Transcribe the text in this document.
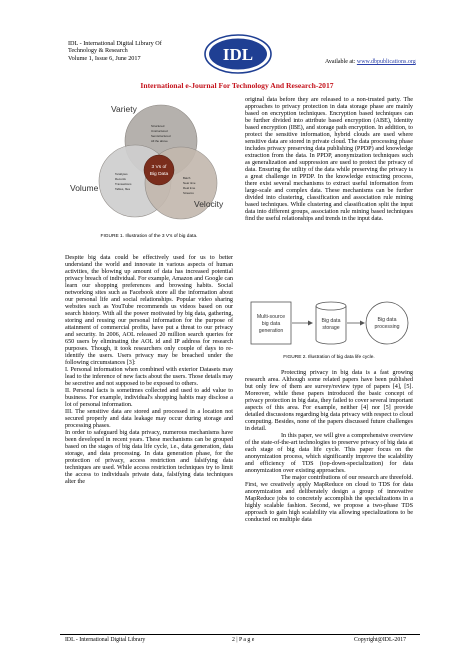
IDL - International Digital Library Of
Technology & Research
Volume 1, Issue 6, June 2017	IDL	Available at: www.dbpublications.org
International e-Journal For Technology And Research-2017
3 Vs of
Big Data
Variety
Volume
Velocity
Structured
Unstructured
Semistructured
All the above
Terabytes
Records
Transactions
Tables, files
Batch
Near time
Real time
Streams
FIGURE 1. Illustration of the 3 V's of big data.

Despite big data could be effectively used for us to better understand the world and innovate in various aspects of human activities, the blowing up amount of data has increased potential privacy breach of individual. For example, Amazon and Google can learn our shopping preferences and browsing habits. Social networking sites such as Facebook store all the information about our personal life and social relationships. Popular video sharing websites such as YouTube recommends us videos based on our search history. With all the power motivated by big data, gathering, storing and reusing our personal information for the purpose of attainment of commercial profits, have put a threat to our privacy and security. In 2006, AOL released 20 million search queries for 650 users by eliminating the AOL id and IP address for research purposes. Though, it took researchers only couple of days to re-identify the users. Users privacy may be breached under the following circumstances [3]:

I. Personal information when combined with exterior Datasets may lead to the inference of new facts about the users. Those details may be secretive and not supposed to be exposed to others.

II. Personal facts is sometimes collected and used to add value to business. For example, individual's shopping habits may disclose a lot of personal information.

III. The sensitive data are stored and processed in a location not secured properly and data leakage may occur during storage and processing phases.

In order to safeguard big data privacy, numerous mechanisms have been developed in recent years. These mechanisms can be grouped based on the stages of big data life cycle, i.e., data generation, data storage, and data processing. In data generation phase, for the protection of privacy, access restriction and falsifying data techniques are used. While access restriction techniques try to limit the access to individuals private data, falsifying data techniques alter the

original data before they are released to a non-trusted party. The approaches to privacy protection in data storage phase are mainly based on encryption techniques. Encryption based techniques can be further divided into attribute based encryption (ABE), Identity based encryption (IBE), and storage path encryption. In addition, to protect the sensitive information, hybrid clouds are used where sensitive data are stored in private cloud. The data processing phase includes privacy preserving data publishing (PPDP) and knowledge extraction from the data. In PPDP, anonymization techniques such as generalization and suppression are used to protect the privacy of data. Ensuring the utility of the data while preserving the privacy is a great challenge in PPDP. In the knowledge extracting process, there exist several mechanisms to extract useful information from large-scale and complex data. These mechanisms can be further divided into clustering, classification and association rule mining based techniques. While clustering and classification split the input data into different groups, association rule mining based techniques find the useful relationships and trends in the input data.

Multi-source
big data
generation
Big data
storage
Big data
processing
FIGURE 2. Illustration of big data life cycle.

Protecting privacy in big data is a fast growing research area. Although some related papers have been published but only few of them are survey/review type of papers [4], [5]. Moreover, while these papers introduced the basic concept of privacy protection in big data, they failed to cover several important aspects of this area. For example, neither [4] nor [5] provide detailed discussions regarding big data privacy with respect to cloud computing. Besides, none of the papers discussed future challenges in detail.

In this paper, we will give a comprehensive overview of the state-of-the-art technologies to preserve privacy of big data at each stage of big data life cycle. This paper focus on the anonymization process, which significantly improve the scalability and efficiency of TDS (top-down-specialization) for data anonymization over existing approaches.

The major contributions of our research are threefold. First, we creatively apply MapReduce on cloud to TDS for data anonymization and deliberately design a group of innovative MapReduce jobs to concretely accomplish the specializations in a highly scalable fashion. Second, we propose a two-phase TDS approach to gain high scalability via allowing specializations to be conducted on multiple data

IDL - International Digital Library	2 | P a g e	Copyright@IDL-2017
